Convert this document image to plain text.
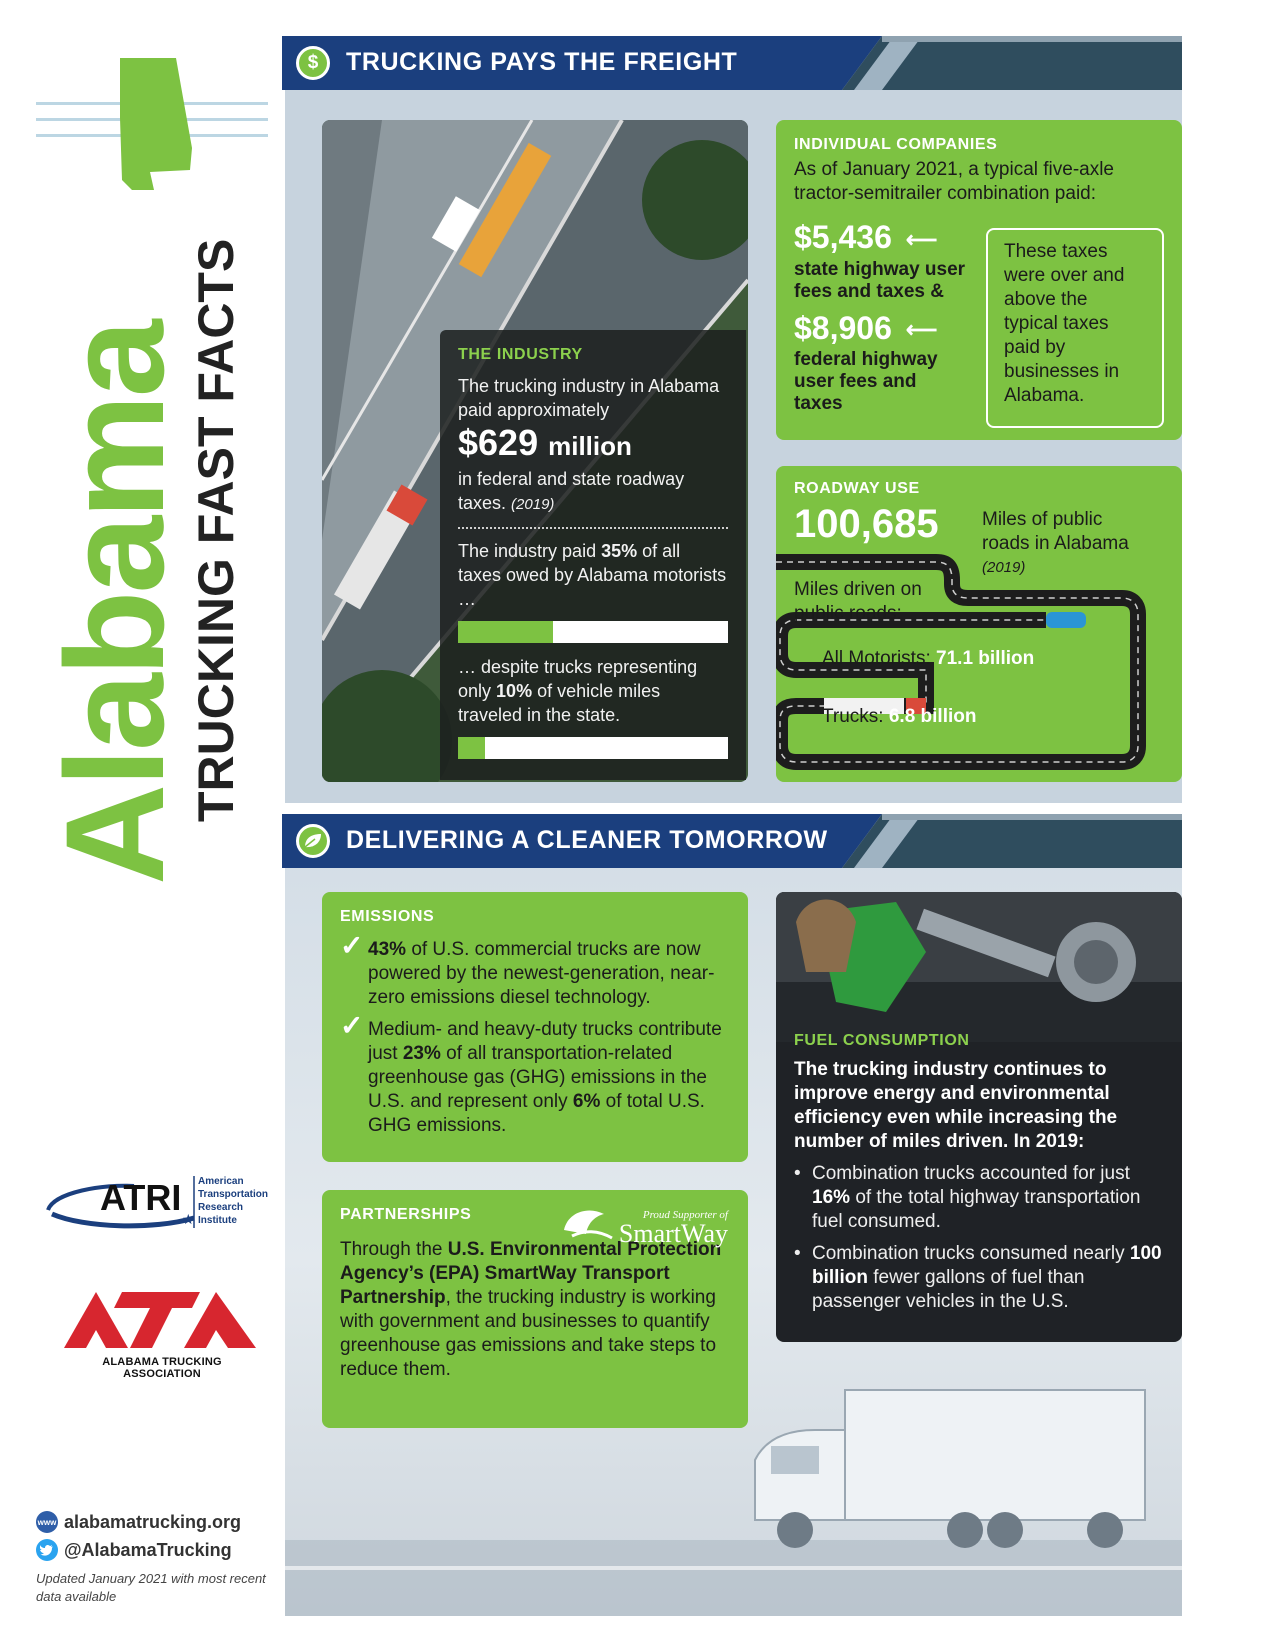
Alabama
TRUCKING FAST FACTS
ATRI
★
American
Transportation
Research
Institute
ATA
ALABAMA TRUCKING ASSOCIATION
www alabamatrucking.org
@AlabamaTrucking
Updated January 2021 with most recent data available
$	TRUCKING PAYS THE FREIGHT
THE INDUSTRY
The trucking industry in Alabama paid approximately
$629 million
in federal and state roadway taxes. (2019)
The industry paid 35% of all taxes owed by Alabama motorists …
… despite trucks representing only 10% of vehicle miles traveled in the state.
INDIVIDUAL COMPANIES
As of January 2021, a typical five-axle tractor-semitrailer combination paid:
$5,436 ⟵
state highway user fees and taxes &
$8,906 ⟵
federal highway user fees and taxes
These taxes were over and above the typical taxes paid by businesses in Alabama.
ROADWAY USE
100,685 Miles of public roads in Alabama
(2019)
Miles driven on public roads:
All Motorists: 71.1 billion
Trucks: 6.8 billion
DELIVERING A CLEANER TOMORROW
EMISSIONS
✓ 43% of U.S. commercial trucks are now powered by the newest-generation, near-zero emissions diesel technology.
✓ Medium- and heavy-duty trucks contribute just 23% of all transportation-related greenhouse gas (GHG) emissions in the U.S. and represent only 6% of total U.S. GHG emissions.
PARTNERSHIPS	Proud Supporter of
SmartWay
Through the U.S. Environmental Protection Agency’s (EPA) SmartWay Transport Partnership, the trucking industry is working with government and businesses to quantify greenhouse gas emissions and take steps to reduce them.
FUEL CONSUMPTION
The trucking industry continues to improve energy and environmental efficiency even while increasing the number of miles driven. In 2019:
• Combination trucks accounted for just 16% of the total highway transportation fuel consumed.
• Combination trucks consumed nearly 100 billion fewer gallons of fuel than passenger vehicles in the U.S.
